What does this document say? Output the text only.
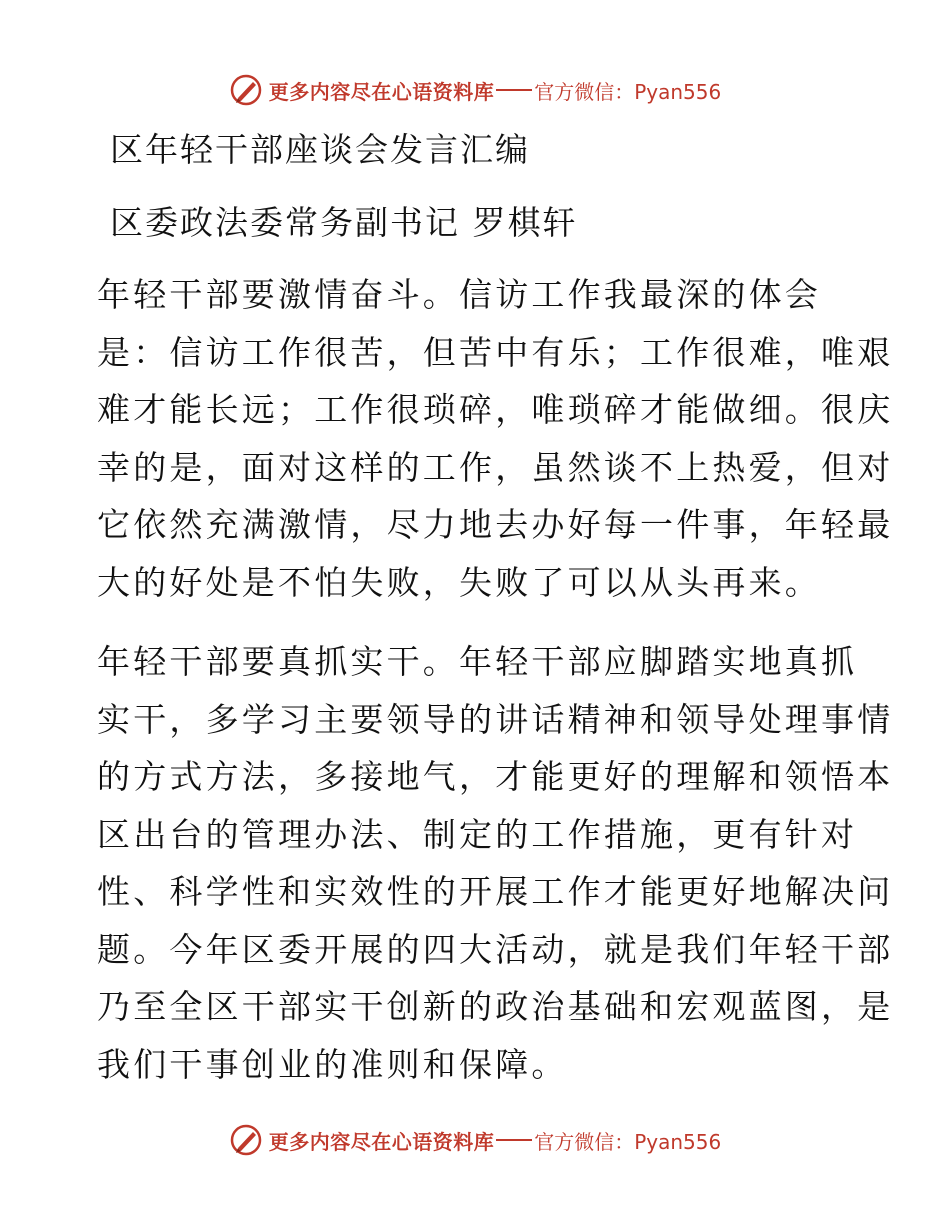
更多内容尽在心语资料库 官方微信：Pyan556
区年轻干部座谈会发言汇编
区委政法委常务副书记 罗棋轩
年轻干部要激情奋斗。信访工作我最深的体会
是：信访工作很苦，但苦中有乐；工作很难，唯艰
难才能长远；工作很琐碎，唯琐碎才能做细。很庆
幸的是，面对这样的工作，虽然谈不上热爱，但对
它依然充满激情，尽力地去办好每一件事，年轻最
大的好处是不怕失败，失败了可以从头再来。
年轻干部要真抓实干。年轻干部应脚踏实地真抓
实干，多学习主要领导的讲话精神和领导处理事情
的方式方法，多接地气，才能更好的理解和领悟本
区出台的管理办法、制定的工作措施，更有针对
性、科学性和实效性的开展工作才能更好地解决问
题。今年区委开展的四大活动，就是我们年轻干部
乃至全区干部实干创新的政治基础和宏观蓝图，是
我们干事创业的准则和保障。
更多内容尽在心语资料库 官方微信：Pyan556
